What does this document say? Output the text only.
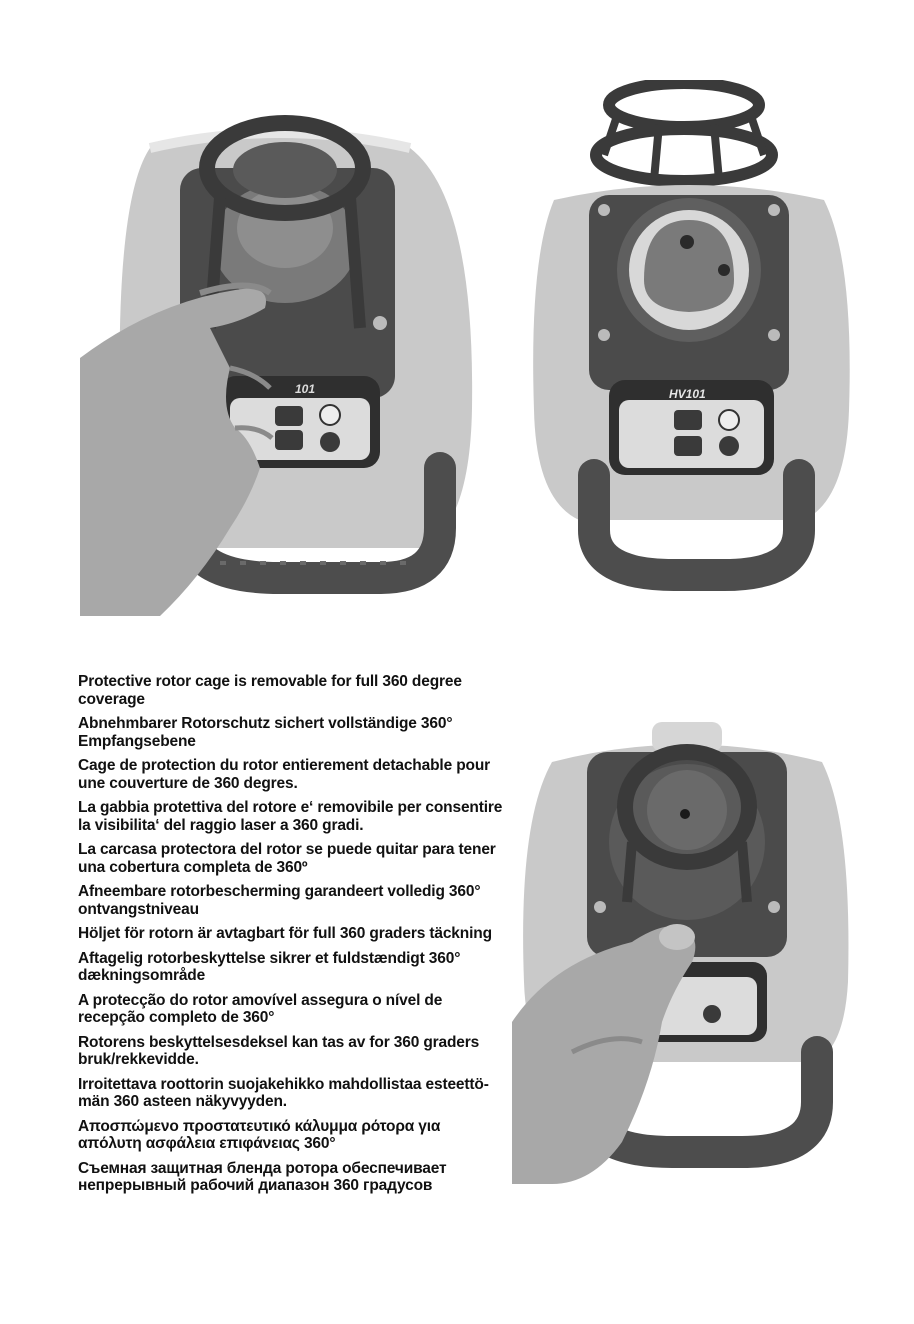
101	HV101
Protective rotor cage is removable for full 360 degree coverage
Abnehmbarer Rotorschutz sichert vollständige 360° Empfangsebene
Cage de protection du rotor entierement detachable pour une couverture de 360 degres.
La gabbia protettiva del rotore e‘ removibile per consentire la visibilita‘ del raggio laser a 360 gradi.
La carcasa protectora del rotor se puede quitar para tener una cobertura completa de 360º
Afneembare rotorbescherming garandeert volledig 360° ontvangstniveau
Höljet för rotorn är avtagbart för full 360 graders täckning
Aftagelig rotorbeskyttelse sikrer et fuldstændigt 360° dækningsområde
A protecção do rotor amovível assegura o nível de recepção completo de 360°
Rotorens beskyttelsesdeksel kan tas av for 360 graders bruk/rekkevidde.
Irroitettava roottorin suojakehikko mahdollistaa esteettö-män 360 asteen näkyvyyden.
Αποσπώμενο προστατευτικό κάλυμμα ρότορα για απόλυτη ασφάλεια επιφάνειας 360°
Съемная защитная бленда ротора обеспечивает непрерывный рабочий диапазон 360 градусов
